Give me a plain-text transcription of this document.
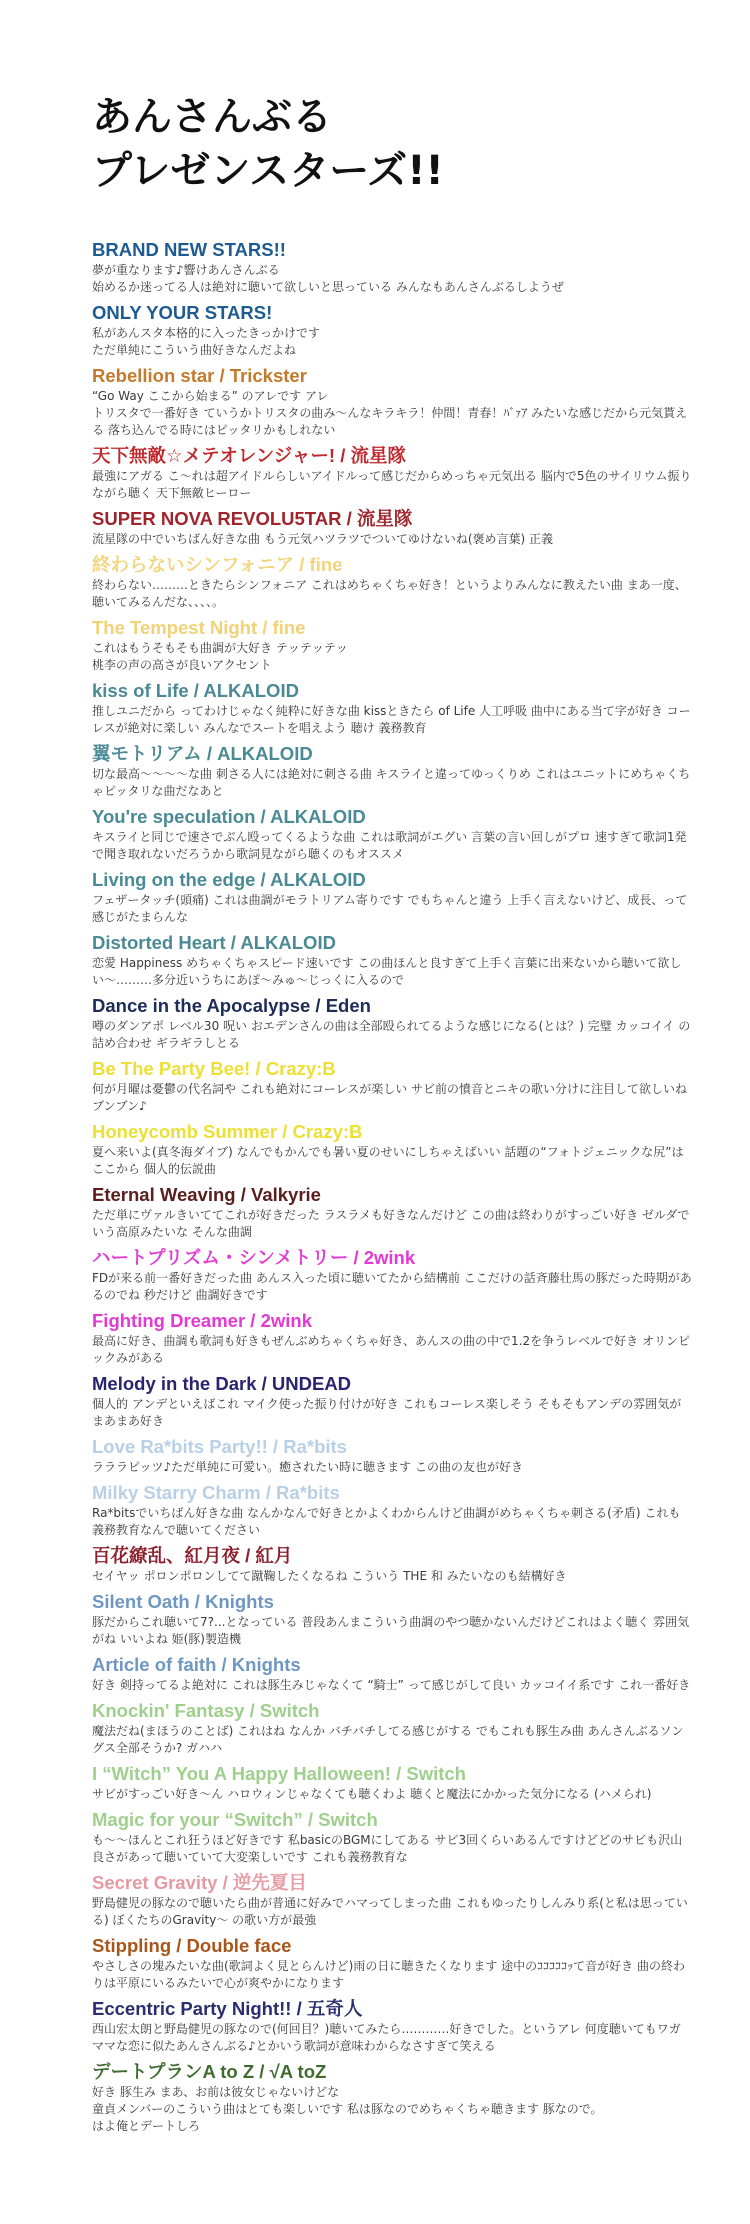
あんさんぶる
プレゼンスターズ!!
BRAND NEW STARS!!
夢が重なります♪響けあんさんぶる
始めるか迷ってる人は絶対に聴いて欲しいと思っている みんなもあんさんぶるしようぜ
ONLY YOUR STARS!
私があんスタ本格的に入ったきっかけです
ただ単純にこういう曲好きなんだよね
Rebellion star / Trickster
“Go Way ここから始まる” のアレです アレ
トリスタで一番好き ていうかトリスタの曲み〜んなキラキラ！仲間！青春！ﾊﾞｧｱ みたいな感じだから元気貰える 落ち込んでる時にはピッタリかもしれない
天下無敵☆メテオレンジャー! / 流星隊
最強にアガる こ〜れは超アイドルらしいアイドルって感じだからめっちゃ元気出る 脳内で5色のサイリウム振りながら聴く 天下無敵ヒーロー
SUPER NOVA REVOLU5TAR / 流星隊
流星隊の中でいちばん好きな曲 もう元気ハツラツでついてゆけないね(褒め言葉) 正義
終わらないシンフォニア / fine
終わらない………ときたらシンフォニア これはめちゃくちゃ好き！というよりみんなに教えたい曲 まあ一度、聴いてみるんだな、、、、。
The Tempest Night / fine
これはもうそもそも曲調が大好き テッテッテッ
桃李の声の高さが良いアクセント
kiss of Life / ALKALOID
推しユニだから ってわけじゃなく純粋に好きな曲 kissときたら of Life 人工呼吸 曲中にある当て字が好き コーレスが絶対に楽しい みんなでスートを唱えよう 聴け 義務教育
翼モトリアム / ALKALOID
切な最高〜〜〜〜な曲 刺さる人には絶対に刺さる曲 キスライと違ってゆっくりめ これはユニットにめちゃくちゃピッタリな曲だなあと
You're speculation / ALKALOID
キスライと同じで速さでぶん殴ってくるような曲 これは歌詞がエグい 言葉の言い回しがプロ 速すぎて歌詞1発で聞き取れないだろうから歌詞見ながら聴くのもオススメ
Living on the edge / ALKALOID
フェザータッチ(頭痛) これは曲調がモラトリアム寄りです でもちゃんと違う 上手く言えないけど、成長、って感じがたまらんな
Distorted Heart / ALKALOID
恋愛 Happiness めちゃくちゃスピード速いです この曲ほんと良すぎて上手く言葉に出来ないから聴いて欲しい〜………多分近いうちにあぽ〜みゅ〜じっくに入るので
Dance in the Apocalypse / Eden
噂のダンアポ レベル30 呪い おエデンさんの曲は全部殴られてるような感じになる(とは？) 完璧 カッコイイ の詰め合わせ ギラギラしとる
Be The Party Bee! / Crazy:B
何が月曜は憂鬱の代名詞や これも絶対にコーレスが楽しい サビ前の憤音とニキの歌い分けに注目して欲しいね ブンブン♪
Honeycomb Summer / Crazy:B
夏へ来いよ(真冬海ダイブ) なんでもかんでも暑い夏のせいにしちゃえばいい 話題の“フォトジェニックな尻”はここから 個人的伝説曲
Eternal Weaving / Valkyrie
ただ単にヴァルきいててこれが好きだった ラスラメも好きなんだけど この曲は終わりがすっごい好き ゼルダでいう高原みたいな そんな曲調
ハートプリズム・シンメトリー / 2wink
FDが来る前一番好きだった曲 あんス入った頃に聴いてたから結構前 ここだけの話斉藤壮馬の豚だった時期があるのでね 秒だけど 曲調好きです
Fighting Dreamer / 2wink
最高に好き、曲調も歌詞も好きもぜんぶめちゃくちゃ好き、あんスの曲の中で1.2を争うレベルで好き オリンピックみがある
Melody in the Dark / UNDEAD
個人的 アンデといえばこれ マイク使った振り付けが好き これもコーレス楽しそう そもそもアンデの雰囲気がまあまあ好き
Love Ra*bits Party!! / Ra*bits
ラララピッツ♪ただ単純に可愛い。癒されたい時に聴きます この曲の友也が好き
Milky Starry Charm / Ra*bits
Ra*bitsでいちばん好きな曲 なんかなんで好きとかよくわからんけど曲調がめちゃくちゃ刺さる(矛盾) これも義務教育なんで聴いてください
百花繚乱、紅月夜 / 紅月
セイヤッ ポロンポロンしてて蹴鞠したくなるね こういう THE 和 みたいなのも結構好き
Silent Oath / Knights
豚だからこれ聴いて7?...となっている 普段あんまこういう曲調のやつ聴かないんだけどこれはよく聴く 雰囲気がね いいよね 姫(豚)製造機
Article of faith / Knights
好き 剣持ってるよ絶対に これは豚生みじゃなくて “騎士” って感じがして良い カッコイイ系です これ一番好き
Knockin' Fantasy / Switch
魔法だね(まほうのことば) これはね なんか バチバチしてる感じがする でもこれも豚生み曲 あんさんぶるソングス全部そうか? ガハハ
I “Witch” You A Happy Halloween! / Switch
サビがすっごい好き〜ん ハロウィンじゃなくても聴くわよ 聴くと魔法にかかった気分になる (ハメられ)
Magic for your “Switch” / Switch
も〜〜ほんとこれ狂うほど好きです 私basicのBGMにしてある サビ3回くらいあるんですけどどのサビも沢山良さがあって聴いていて大変楽しいです これも義務教育な
Secret Gravity / 逆先夏目
野島健児の豚なので聴いたら曲が普通に好みでハマってしまった曲 これもゆったりしんみり系(と私は思っている) ぼくたちのGravity〜 の歌い方が最強
Stippling / Double face
やさしさの塊みたいな曲(歌詞よく見とらんけど)雨の日に聴きたくなります 途中のｺｺｺｺｺｯて音が好き 曲の終わりは平原にいるみたいで心が爽やかになります
Eccentric Party Night!! / 五奇人
西山宏太朗と野島健児の豚なので(何回目？)聴いてみたら…………好きでした。というアレ 何度聴いてもワガママな恋に似たあんさんぶる♪とかいう歌詞が意味わからなさすぎて笑える
デートプランA to Z / √A toZ
好き 豚生み まあ、お前は彼女じゃないけどな
童貞メンバーのこういう曲はとても楽しいです 私は豚なのでめちゃくちゃ聴きます 豚なので。
はよ俺とデートしろ
